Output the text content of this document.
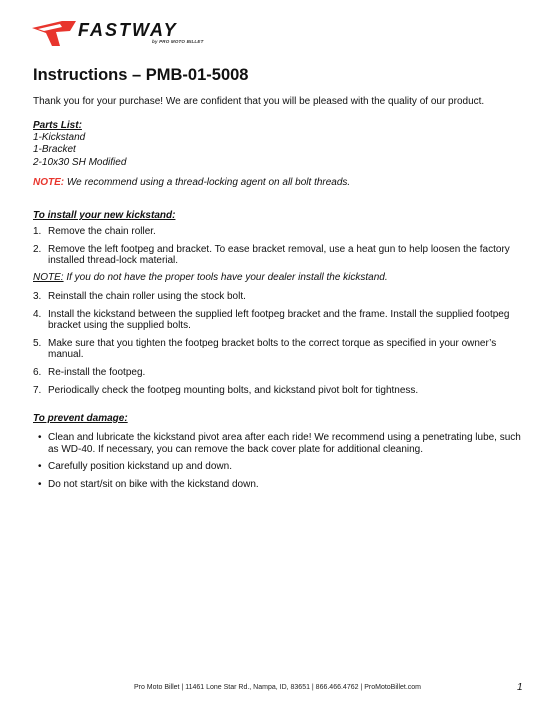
FASTWAY
by PRO MOTO BILLET
Instructions – PMB-01-5008

Thank you for your purchase! We are confident that you will be pleased with the quality of our product.

Parts List:
1-Kickstand
1-Bracket
2-10x30 SH Modified

NOTE: We recommend using a thread-locking agent on all bolt threads.

To install your new kickstand:
1. Remove the chain roller.
2. Remove the left footpeg and bracket. To ease bracket removal, use a heat gun to help loosen the factory
installed thread-lock material.
NOTE: If you do not have the proper tools have your dealer install the kickstand.
3. Reinstall the chain roller using the stock bolt.
4. Install the kickstand between the supplied left footpeg bracket and the frame. Install the supplied footpeg
bracket using the supplied bolts.
5. Make sure that you tighten the footpeg bracket bolts to the correct torque as specified in your owner’s
manual.
6. Re-install the footpeg.
7. Periodically check the footpeg mounting bolts, and kickstand pivot bolt for tightness.
To prevent damage:
• Clean and lubricate the kickstand pivot area after each ride! We recommend using a penetrating lube, such
as WD-40. If necessary, you can remove the back cover plate for additional cleaning.
• Carefully position kickstand up and down.
• Do not start/sit on bike with the kickstand down.
Pro Moto Billet | 11461 Lone Star Rd., Nampa, ID, 83651 | 866.466.4762 | ProMotoBillet.com	1
